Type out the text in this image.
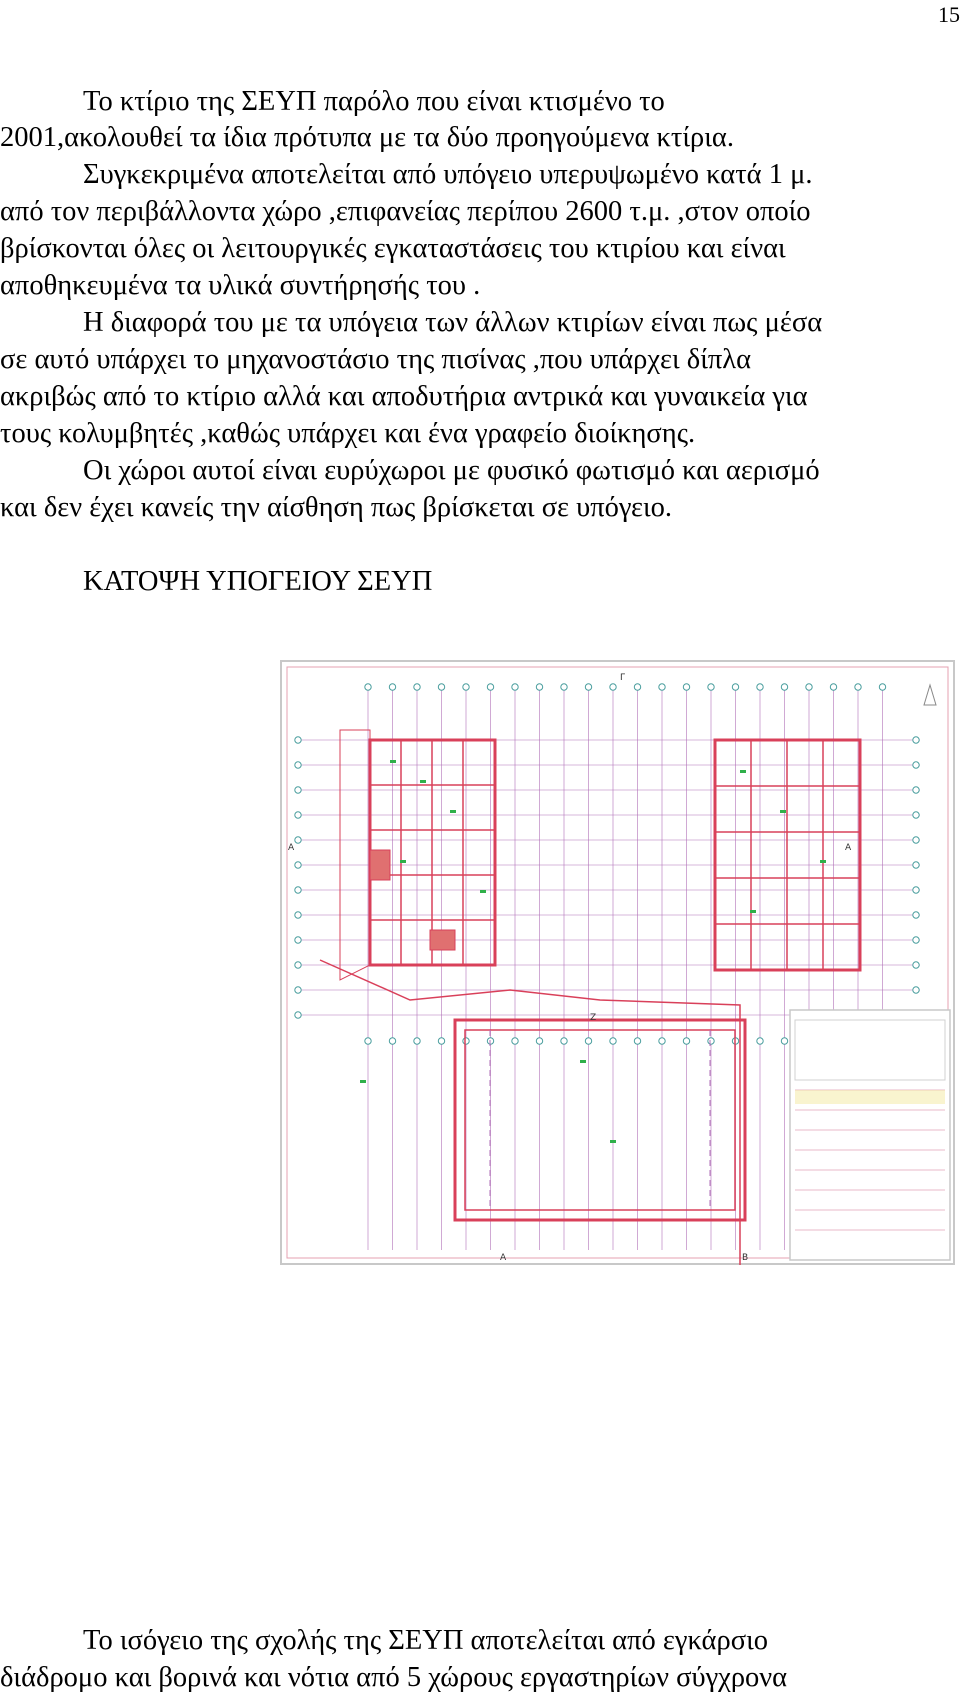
15
Το κτίριο της ΣΕΥΠ παρόλο που είναι κτισμένο το
2001,ακολουθεί τα ίδια πρότυπα με τα δύο προηγούμενα κτίρια.
Συγκεκριμένα αποτελείται από υπόγειο υπερυψωμένο κατά 1 μ.
από τον περιβάλλοντα χώρο ,επιφανείας περίπου 2600 τ.μ. ,στον οποίο
βρίσκονται όλες οι λειτουργικές εγκαταστάσεις του κτιρίου και είναι
αποθηκευμένα τα υλικά συντήρησής του .
Η διαφορά του με τα υπόγεια των άλλων κτιρίων είναι πως μέσα
σε αυτό υπάρχει το μηχανοστάσιο της πισίνας ,που υπάρχει δίπλα
ακριβώς από το κτίριο αλλά και αποδυτήρια αντρικά και γυναικεία για
τους κολυμβητές ,καθώς υπάρχει και ένα γραφείο διοίκησης.
Οι χώροι αυτοί είναι ευρύχωροι με φυσικό φωτισμό και αερισμό
και δεν έχει κανείς την αίσθηση πως βρίσκεται σε υπόγειο.
ΚΑΤΟΨΗ ΥΠΟΓΕΙΟΥ ΣΕΥΠ
A	A
B
Γ
Z
A
Το ισόγειο της σχολής της ΣΕΥΠ αποτελείται από εγκάρσιο
διάδρομο και βορινά και νότια από 5 χώρους εργαστηρίων σύγχρονα
